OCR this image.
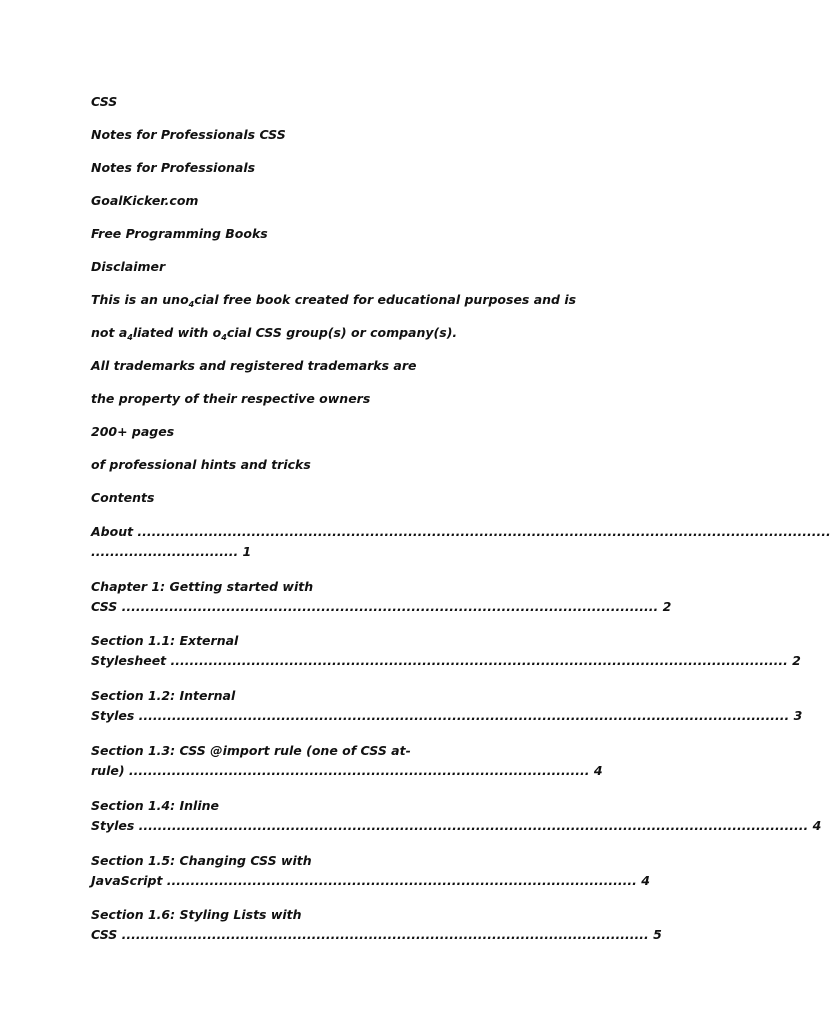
CSS
Notes for Professionals CSS
Notes for Professionals
GoalKicker.com
Free Programming Books
Disclaimer
This is an uno$_4$cial free book created for educational purposes and is
not $a_4liated$ with $o_4cial$ CSS group(s) or company(s).
All trademarks and registered trademarks are
the property of their respective owners
200+ pages
of professional hints and tricks
Contents
About ..................................................................................................................................................
............................... 1
Chapter 1: Getting started with
CSS ................................................................................................................. 2
Section 1.1: External
Stylesheet .................................................................................................................................. 2
Section 1.2: Internal
Styles ......................................................................................................................................... 3
Section 1.3: CSS @import rule (one of CSS at-
rule) ................................................................................................. 4
Section 1.4: Inline
Styles ............................................................................................................................................. 4
Section 1.5: Changing CSS with
JavaScript ................................................................................................... 4
Section 1.6: Styling Lists with
CSS ............................................................................................................... 5
